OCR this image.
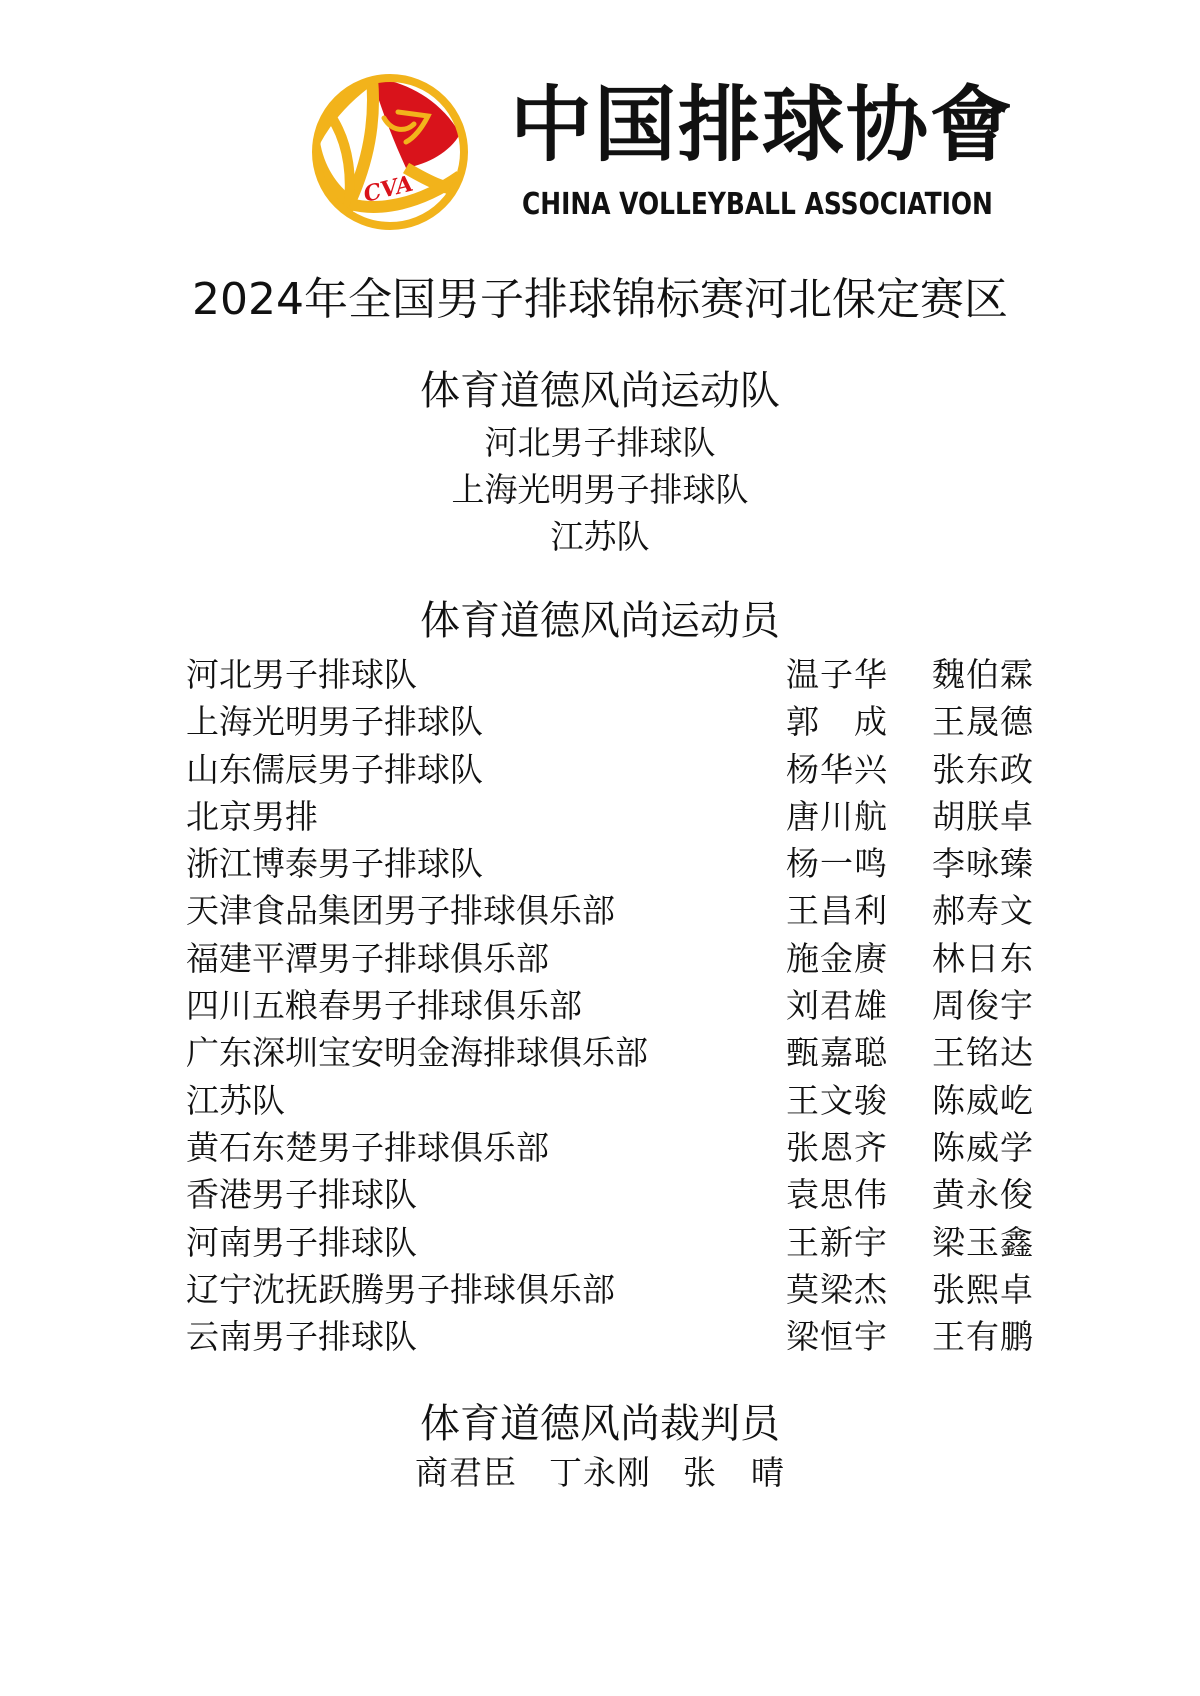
CVA
中国排球协會
CHINA VOLLEYBALL ASSOCIATION
2024年全国男子排球锦标赛河北保定赛区
体育道德风尚运动队
河北男子排球队
上海光明男子排球队
江苏队
体育道德风尚运动员
河北男子排球队	温子华 魏伯霖
上海光明男子排球队	郭　成 王晟德
山东儒辰男子排球队	杨华兴 张东政
北京男排	唐川航 胡朕卓
浙江博泰男子排球队	杨一鸣 李咏臻
天津食品集团男子排球俱乐部	王昌利 郝寿文
福建平潭男子排球俱乐部	施金赓 林日东
四川五粮春男子排球俱乐部	刘君雄 周俊宇
广东深圳宝安明金海排球俱乐部	甄嘉聪 王铭达
江苏队	王文骏 陈威屹
黄石东楚男子排球俱乐部	张恩齐 陈威学
香港男子排球队	袁思伟 黄永俊
河南男子排球队	王新宇 梁玉鑫
辽宁沈抚跃腾男子排球俱乐部	莫梁杰 张熙卓
云南男子排球队	梁恒宇 王有鹏
体育道德风尚裁判员
商君臣 丁永刚 张　晴
